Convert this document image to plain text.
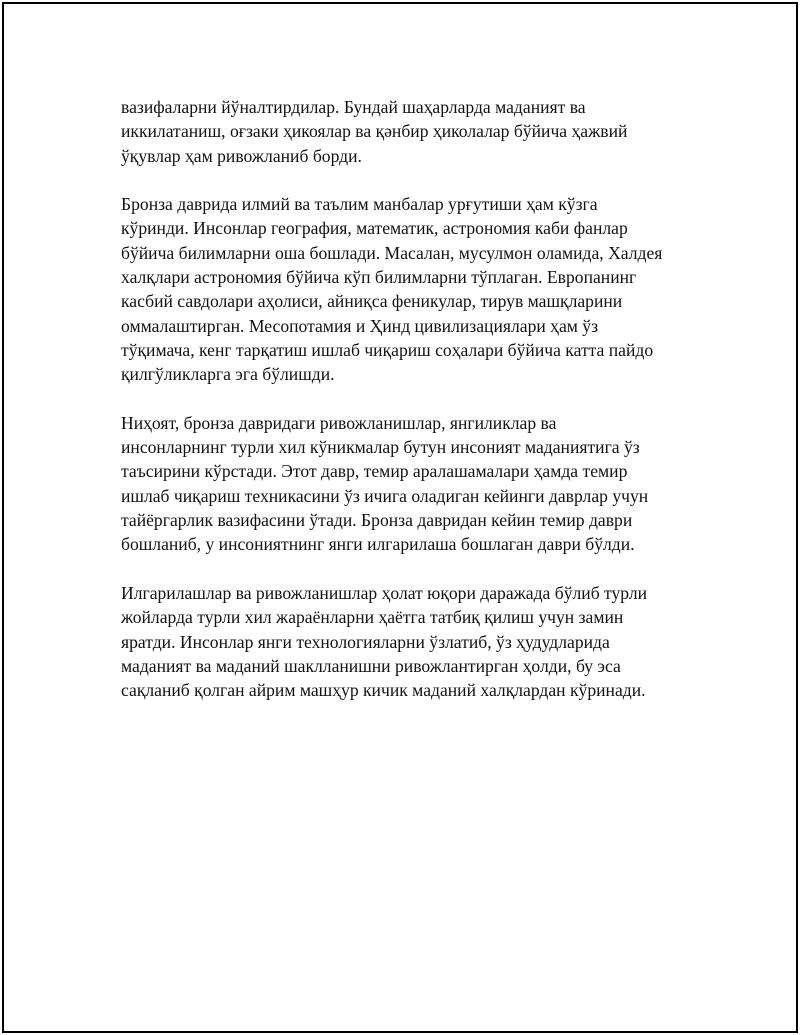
вазифаларни йўналтирдилар. Бундай шаҳарларда маданият ва
иккилатаниш, оғзаки ҳикоялар ва қәнбир ҳиколалар бўйича ҳажвий
ўқувлар ҳам ривожланиб борди.

Бронза даврида илмий ва таълим манбалар урғутиши ҳам кўзга
кўринди. Инсонлар география, математик, астрономия каби фанлар
бўйича билимларни оша бошлади. Масалан, мусулмон оламида, Халдея
халқлари астрономия бўйича кўп билимларни тўплаган. Европанинг
касбий савдолари аҳолиси, айниқса феникулар, тирув машқларини
оммалаштирган. Месопотамия и Ҳинд цивилизациялари ҳам ўз
тўқимача, кенг тарқатиш ишлаб чиқариш соҳалари бўйича катта пайдо
қилгўликларга эга бўлишди.

Ниҳоят, бронза давридаги ривожланишлар, янгиликлар ва
инсонларнинг турли хил кўникмалар бутун инсоният маданиятига ўз
таъсирини кўрстади. Этот давр, темир аралашамалари ҳамда темир
ишлаб чиқариш техникасини ўз ичига оладиган кейинги даврлар учун
тайёргарлик вазифасини ўтади. Бронза давридан кейин темир даври
бошланиб, у инсониятнинг янги илгарилаша бошлаган даври бўлди.

Илгарилашлар ва ривожланишлар ҳолат юқори даражада бўлиб турли
жойларда турли хил жараёнларни ҳаётга татбиқ қилиш учун замин
яратди. Инсонлар янги технологияларни ўзлатиб, ўз ҳудудларида
маданият ва маданий шаклланишни ривожлантирган ҳолди, бу эса
сақланиб қолган айрим машҳур кичик маданий халқлардан кўринади.
